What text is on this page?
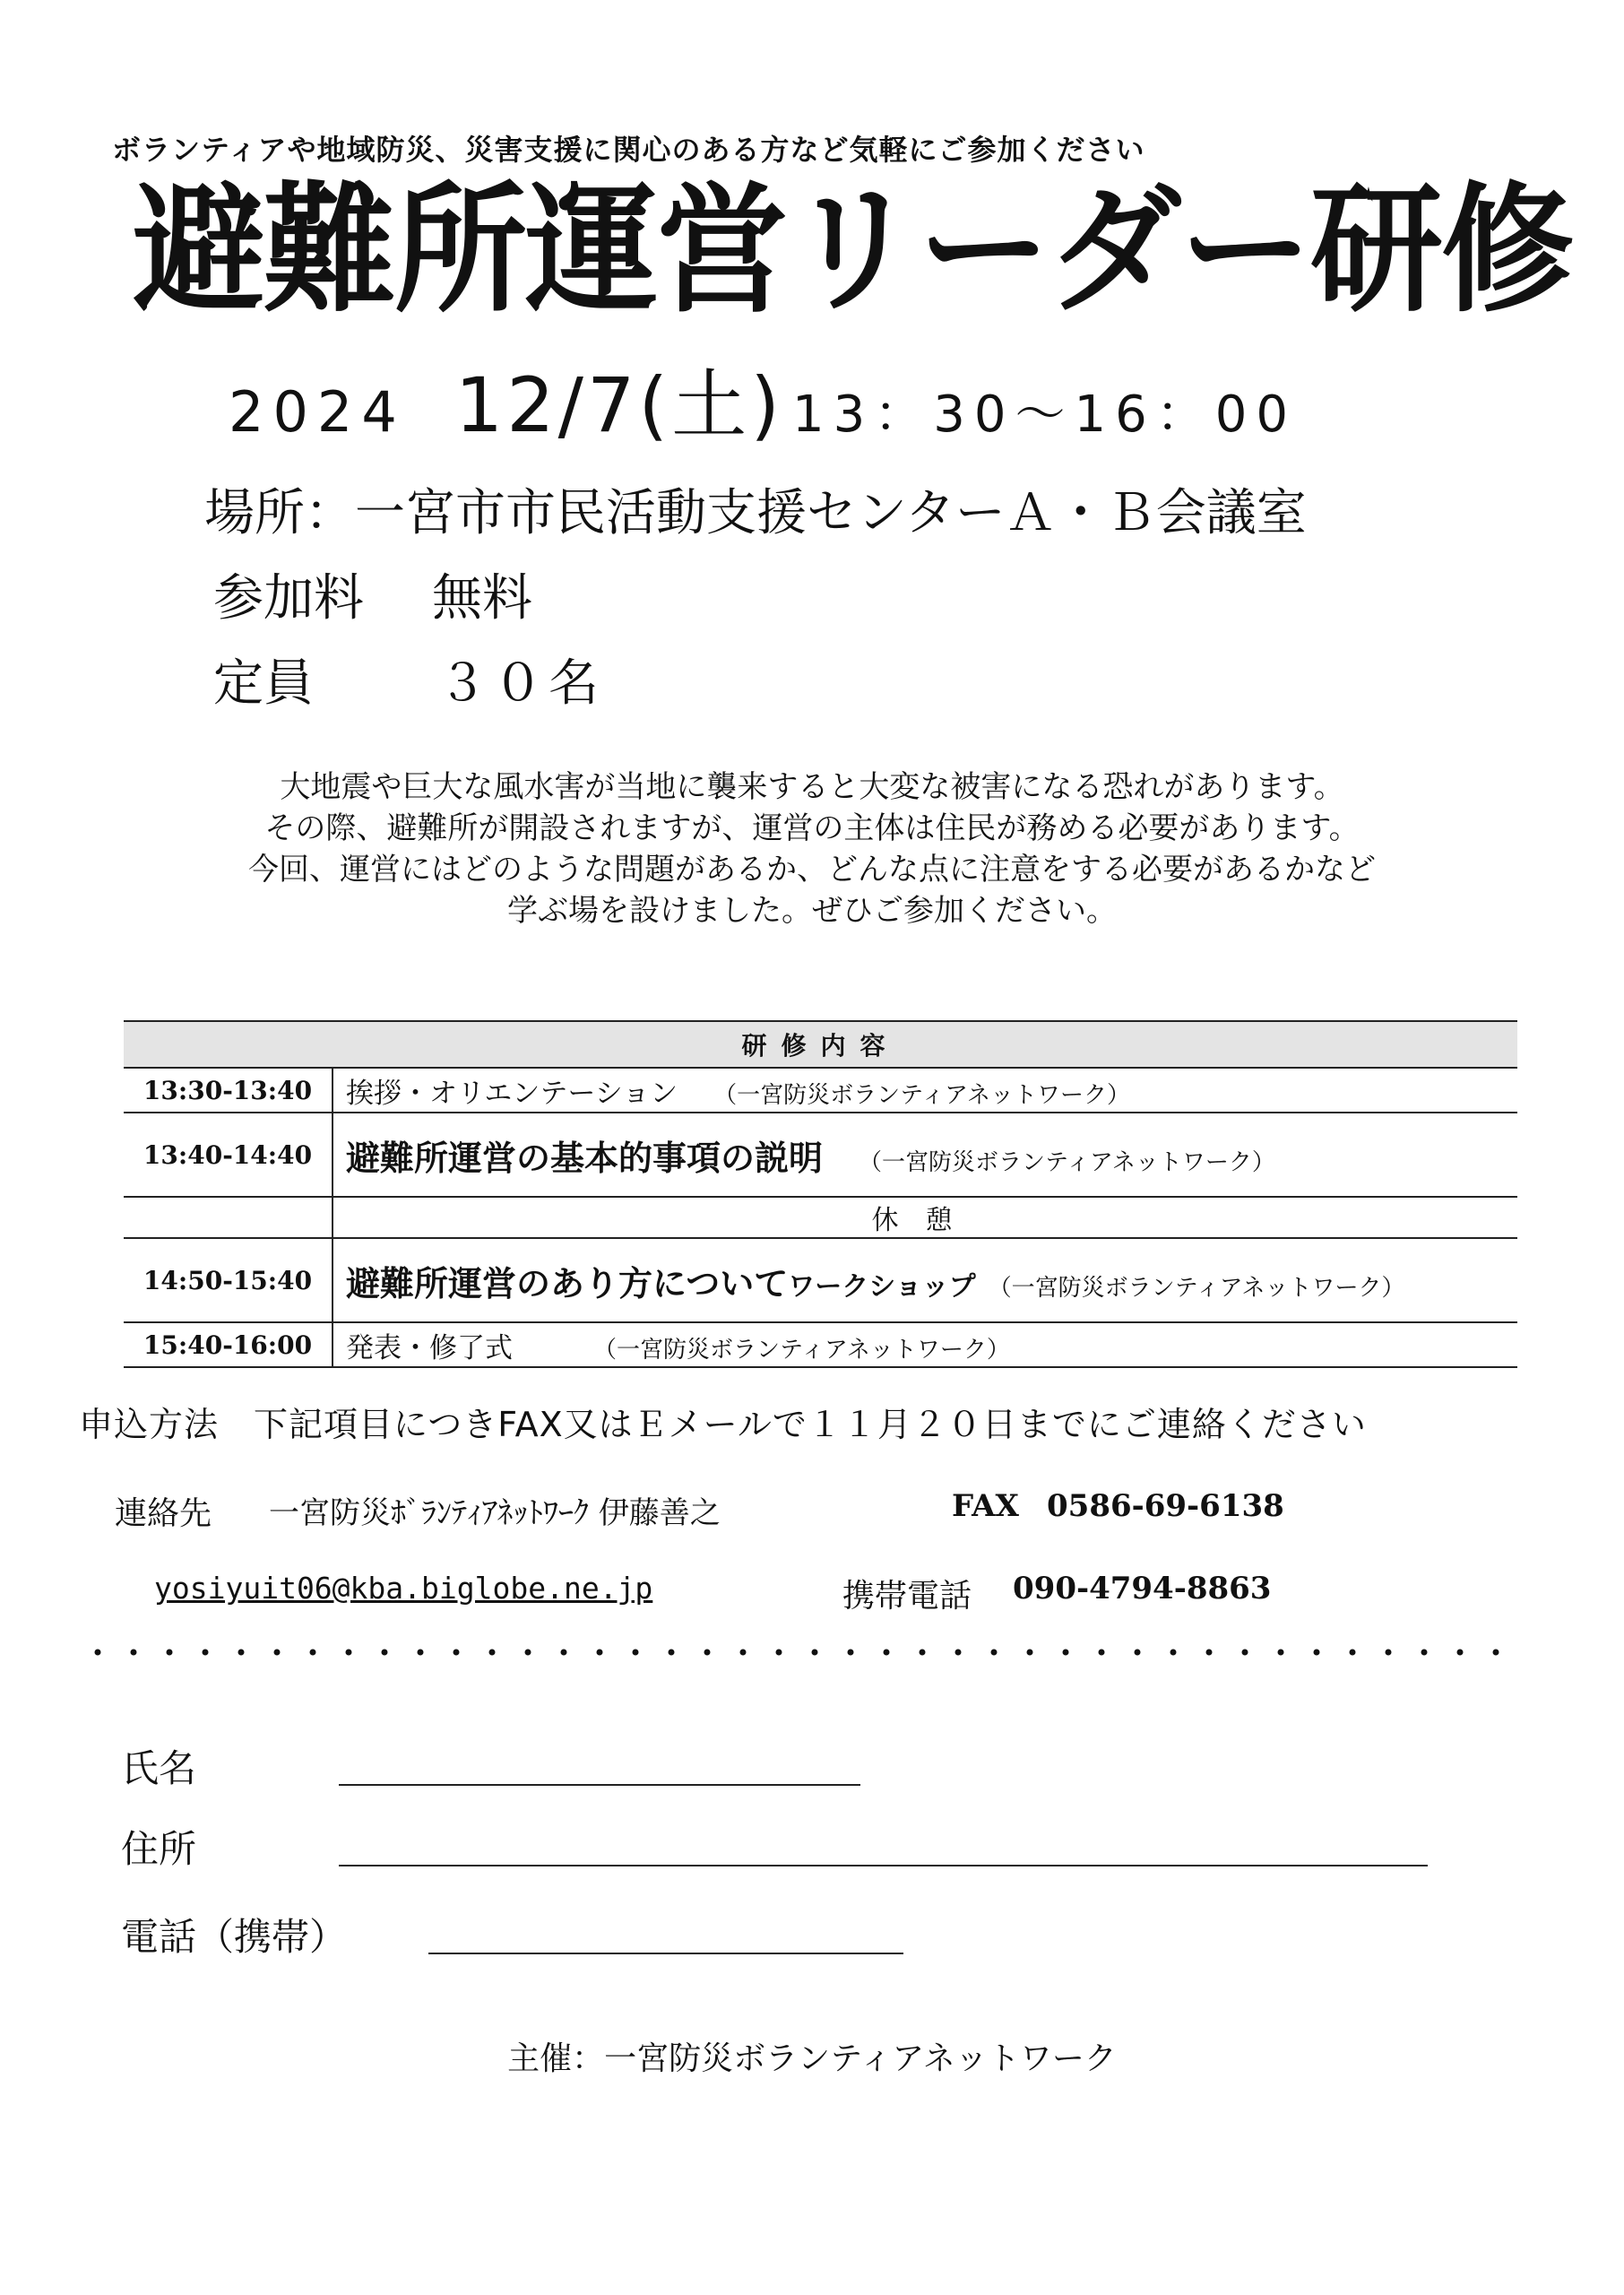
ボランティアや地域防災、災害支援に関心のある方など気軽にご参加ください
避難所運営リーダー研修
2024 12/7(土) 13：30〜16：00
場所：一宮市市民活動支援センターＡ・Ｂ会議室
参加料 無料
定員 ３０名
大地震や巨大な風水害が当地に襲来すると大変な被害になる恐れがあります。
その際、避難所が開設されますが、運営の主体は住民が務める必要があります。
今回、運営にはどのような問題があるか、どんな点に注意をする必要があるかなど
学ぶ場を設けました。ぜひご参加ください。
研修内容	
13:30-13:40	挨拶・オリエンテーション （一宮防災ボランティアネットワーク）
13:40-14:40	避難所運営の基本的事項の説明 （一宮防災ボランティアネットワーク）
	休憩
14:50-15:40	避難所運営のあり方についてワークショップ （一宮防災ボランティアネットワーク）
15:40-16:00	発表・修了式 （一宮防災ボランティアネットワーク）
申込方法　下記項目につきFAX又はＥメールで１１月２０日までにご連絡ください
連絡先 一宮防災ﾎﾞﾗﾝﾃｨｱﾈｯﾄﾜｰｸ 伊藤善之	FAX 0586-69-6138
yosiyuit06@kba.biglobe.ne.jp	携帯電話 090-4794-8863
氏名
住所
電話（携帯）
主催：一宮防災ボランティアネットワーク
